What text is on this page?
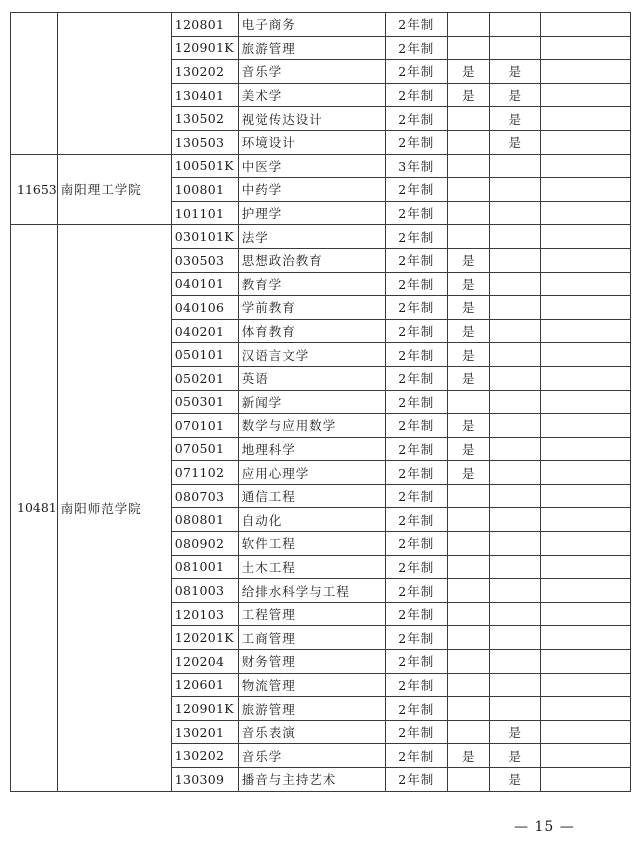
		120801	电子商务	2年制			
		120901K	旅游管理	2年制			
		130202	音乐学	2年制	是	是	
		130401	美术学	2年制	是	是	
		130502	视觉传达设计	2年制		是	
		130503	环境设计	2年制		是	
11653	南阳理工学院	100501K	中医学	3年制			
		100801	中药学	2年制			
		101101	护理学	2年制			
10481	南阳师范学院	030101K	法学	2年制			
		030503	思想政治教育	2年制	是		
		040101	教育学	2年制	是		
		040106	学前教育	2年制	是		
		040201	体育教育	2年制	是		
		050101	汉语言文学	2年制	是		
		050201	英语	2年制	是		
		050301	新闻学	2年制			
		070101	数学与应用数学	2年制	是		
		070501	地理科学	2年制	是		
		071102	应用心理学	2年制	是		
		080703	通信工程	2年制			
		080801	自动化	2年制			
		080902	软件工程	2年制			
		081001	土木工程	2年制			
		081003	给排水科学与工程	2年制			
		120103	工程管理	2年制			
		120201K	工商管理	2年制			
		120204	财务管理	2年制			
		120601	物流管理	2年制			
		120901K	旅游管理	2年制			
		130201	音乐表演	2年制		是	
		130202	音乐学	2年制	是	是	
		130309	播音与主持艺术	2年制		是	
— 15 —
